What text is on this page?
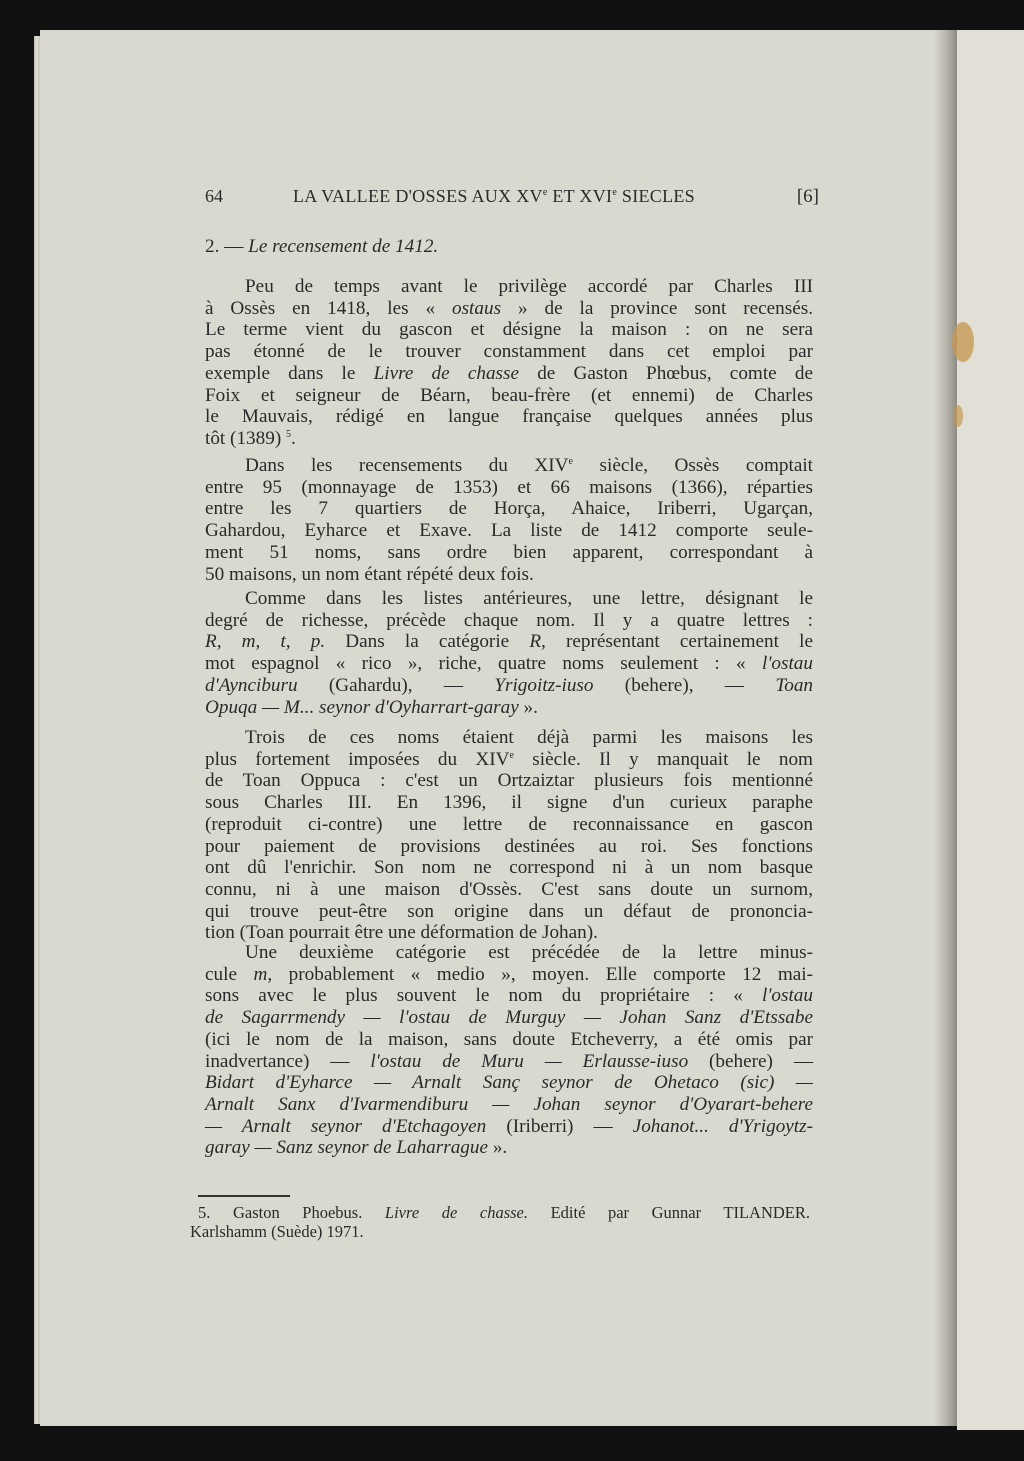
64	LA VALLEE D'OSSES AUX XVe ET XVIe SIECLES	[6]
2. — Le recensement de 1412.
Peu de temps avant le privilège accordé par Charles III
à Ossès en 1418, les « ostaus » de la province sont recensés.
Le terme vient du gascon et désigne la maison : on ne sera
pas étonné de le trouver constamment dans cet emploi par
exemple dans le Livre de chasse de Gaston Phœbus, comte de
Foix et seigneur de Béarn, beau-frère (et ennemi) de Charles
le Mauvais, rédigé en langue française quelques années plus
tôt (1389) $^5$.
Dans les recensements du XIVe siècle, Ossès comptait
entre 95 (monnayage de 1353) et 66 maisons (1366), réparties
entre les 7 quartiers de Horça, Ahaice, Iriberri, Ugarçan,
Gahardou, Eyharce et Exave. La liste de 1412 comporte seule-
ment 51 noms, sans ordre bien apparent, correspondant à
50 maisons, un nom étant répété deux fois.
Comme dans les listes antérieures, une lettre, désignant le
degré de richesse, précède chaque nom. Il y a quatre lettres :
R, m, t, p. Dans la catégorie R, représentant certainement le
mot espagnol « rico », riche, quatre noms seulement : « l'ostau
d'Aynciburu (Gahardu), — Yrigoitz-iuso (behere), — Toan
Opuqa — M... seynor d'Oyharrart-garay ».
Trois de ces noms étaient déjà parmi les maisons les
plus fortement imposées du XIVe siècle. Il y manquait le nom
de Toan Oppuca : c'est un Ortzaiztar plusieurs fois mentionné
sous Charles III. En 1396, il signe d'un curieux paraphe
(reproduit ci-contre) une lettre de reconnaissance en gascon
pour paiement de provisions destinées au roi. Ses fonctions
ont dû l'enrichir. Son nom ne correspond ni à un nom basque
connu, ni à une maison d'Ossès. C'est sans doute un surnom,
qui trouve peut-être son origine dans un défaut de prononcia-
tion (Toan pourrait être une déformation de Johan).
Une deuxième catégorie est précédée de la lettre minus-
cule m, probablement « medio », moyen. Elle comporte 12 mai-
sons avec le plus souvent le nom du propriétaire : « l'ostau
de Sagarrmendy — l'ostau de Murguy — Johan Sanz d'Etssabe
(ici le nom de la maison, sans doute Etcheverry, a été omis par
inadvertance) — l'ostau de Muru — Erlausse-iuso (behere) —
Bidart d'Eyharce — Arnalt Sanç seynor de Ohetaco (sic) —
Arnalt Sanx d'Ivarmendiburu — Johan seynor d'Oyarart-behere
— Arnalt seynor d'Etchagoyen (Iriberri) — Johanot... d'Yrigoytz-
garay — Sanz seynor de Laharrague ».
5. Gaston Phoebus. Livre de chasse. Edité par Gunnar TILANDER.
Karlshamm (Suède) 1971.
